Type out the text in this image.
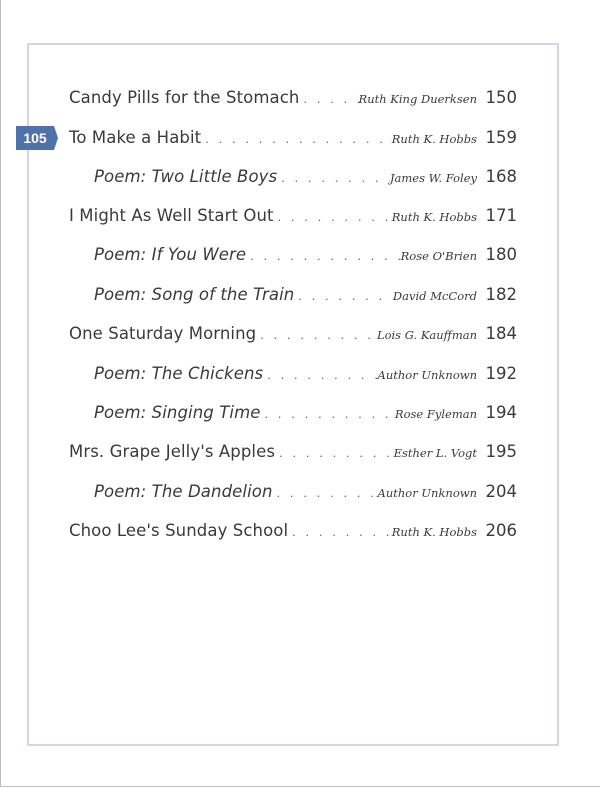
105
Candy Pills for the Stomach . . .	Ruth King Duerksen 150
To Make a Habit . . .	Ruth K. Hobbs 159
Poem: Two Little Boys . . .	James W. Foley 168
I Might As Well Start Out . . .	Ruth K. Hobbs 171
Poem: If You Were . . .	Rose O'Brien 180
Poem: Song of the Train . . .	David McCord 182
One Saturday Morning . . .	Lois G. Kauffman 184
Poem: The Chickens . . .	Author Unknown 192
Poem: Singing Time . . .	Rose Fyleman 194
Mrs. Grape Jelly's Apples . . .	Esther L. Vogt 195
Poem: The Dandelion . . .	Author Unknown 204
Choo Lee's Sunday School . . .	Ruth K. Hobbs 206
